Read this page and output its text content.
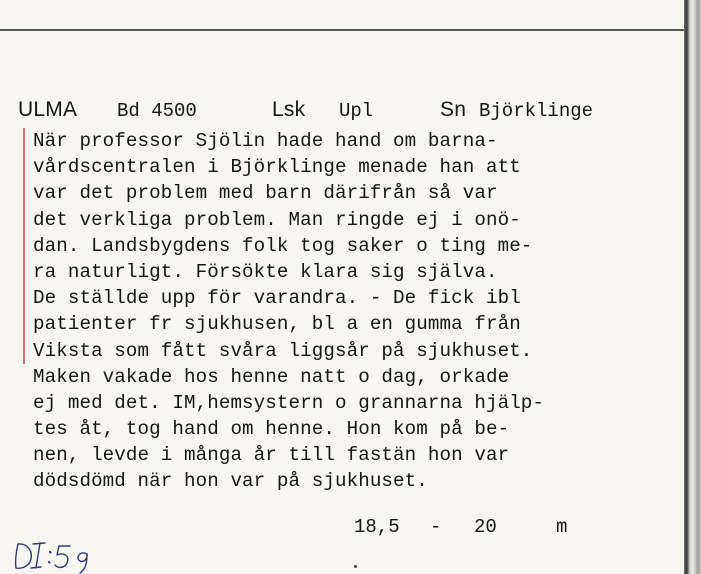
ULMA Bd 4500	Lsk Upl	Sn Björklinge
När professor Sjölin hade hand om barna-
vårdscentralen i Björklinge menade han att
var det problem med barn därifrån så var
det verkliga problem. Man ringde ej i onö-
dan. Landsbygdens folk tog saker o ting me-
ra naturligt. Försökte klara sig själva.
De ställde upp för varandra. - De fick ibl
patienter fr sjukhusen, bl a en gumma från
Viksta som fått svåra liggsår på sjukhuset.
Maken vakade hos henne natt o dag, orkade
ej med det. IM,hemsystern o grannarna hjälp-
tes åt, tog hand om henne. Hon kom på be-
nen, levde i många år till fastän hon var
dödsdömd när hon var på sjukhuset.
18,5 - 20	m
